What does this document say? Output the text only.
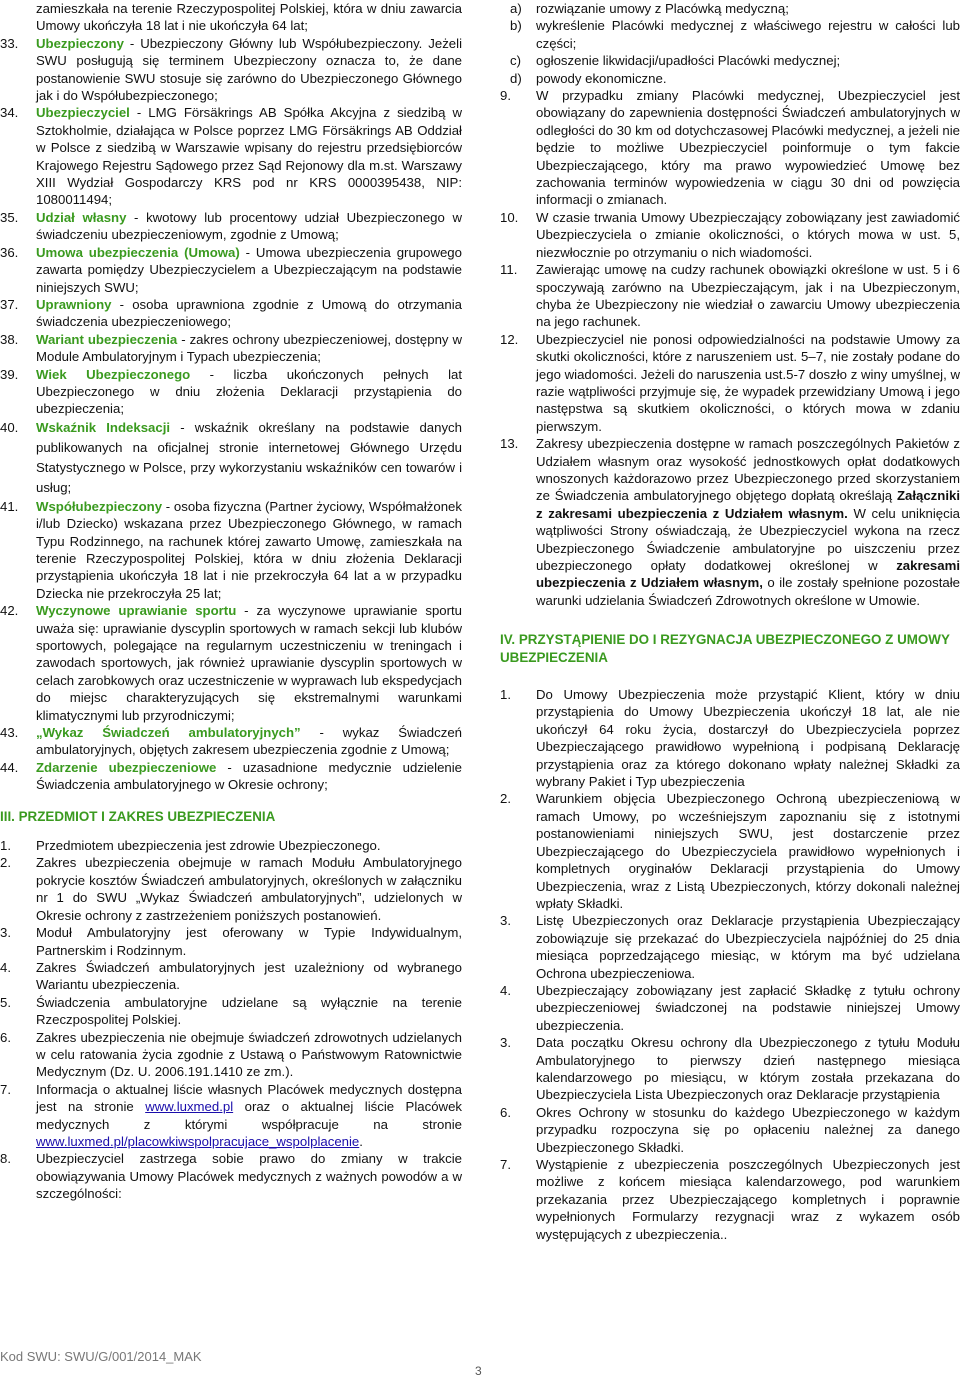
zamieszkała na terenie Rzeczypospolitej Polskiej, która w dniu zawarcia Umowy ukończyła 18 lat i nie ukończyła 64 lat;

33. Ubezpieczony - Ubezpieczony Główny lub Współubezpieczony. Jeżeli SWU posługują się terminem Ubezpieczony oznacza to, że dane postanowienie SWU stosuje się zarówno do Ubezpieczonego Głównego jak i do Współubezpieczonego;
34. Ubezpieczyciel - LMG Försäkrings AB Spółka Akcyjna z siedzibą w Sztokholmie, działająca w Polsce poprzez LMG Försäkrings AB Oddział w Polsce z siedzibą w Warszawie wpisany do rejestru przedsiębiorców Krajowego Rejestru Sądowego przez Sąd Rejonowy dla m.st. Warszawy XIII Wydział Gospodarczy KRS pod nr KRS 0000395438, NIP: 1080011494;
35. Udział własny - kwotowy lub procentowy udział Ubezpieczonego w świadczeniu ubezpieczeniowym, zgodnie z Umową;
36. Umowa ubezpieczenia (Umowa) - Umowa ubezpieczenia grupowego zawarta pomiędzy Ubezpieczycielem a Ubezpieczającym na podstawie niniejszych SWU;
37. Uprawniony - osoba uprawniona zgodnie z Umową do otrzymania świadczenia ubezpieczeniowego;
38. Wariant ubezpieczenia - zakres ochrony ubezpieczeniowej, dostępny w Module Ambulatoryjnym i Typach ubezpieczenia;
39. Wiek Ubezpieczonego - liczba ukończonych pełnych lat Ubezpieczonego w dniu złożenia Deklaracji przystąpienia do ubezpieczenia;
40. Wskaźnik Indeksacji - wskaźnik określany na podstawie danych publikowanych na oficjalnej stronie internetowej Głównego Urzędu Statystycznego w Polsce, przy wykorzystaniu wskaźników cen towarów i usług;
41. Współubezpieczony - osoba fizyczna (Partner życiowy, Współmałżonek i/lub Dziecko) wskazana przez Ubezpieczonego Głównego, w ramach Typu Rodzinnego, na rachunek której zawarto Umowę, zamieszkała na terenie Rzeczypospolitej Polskiej, która w dniu złożenia Deklaracji przystąpienia ukończyła 18 lat i nie przekroczyła 64 lat a w przypadku Dziecka nie przekroczyła 25 lat;
42. Wyczynowe uprawianie sportu - za wyczynowe uprawianie sportu uważa się: uprawianie dyscyplin sportowych w ramach sekcji lub klubów sportowych, polegające na regularnym uczestniczeniu w treningach i zawodach sportowych, jak również uprawianie dyscyplin sportowych w celach zarobkowych oraz uczestniczenie w wyprawach lub ekspedycjach do miejsc charakteryzujących się ekstremalnymi warunkami klimatycznymi lub przyrodniczymi;
43. „Wykaz Świadczeń ambulatoryjnych” - wykaz Świadczeń ambulatoryjnych, objętych zakresem ubezpieczenia zgodnie z Umową;
44. Zdarzenie ubezpieczeniowe - uzasadnione medycznie udzielenie Świadczenia ambulatoryjnego w Okresie ochrony;
III. PRZEDMIOT I ZAKRES UBEZPIECZENIA
1. Przedmiotem ubezpieczenia jest zdrowie Ubezpieczonego.
2. Zakres ubezpieczenia obejmuje w ramach Modułu Ambulatoryjnego pokrycie kosztów Świadczeń ambulatoryjnych, określonych w załączniku nr 1 do SWU „Wykaz Świadczeń ambulatoryjnych”, udzielonych w Okresie ochrony z zastrzeżeniem poniższych postanowień.
3. Moduł Ambulatoryjny jest oferowany w Typie Indywidualnym, Partnerskim i Rodzinnym.
4. Zakres Świadczeń ambulatoryjnych jest uzależniony od wybranego Wariantu ubezpieczenia.
5. Świadczenia ambulatoryjne udzielane są wyłącznie na terenie Rzeczpospolitej Polskiej.
6. Zakres ubezpieczenia nie obejmuje świadczeń zdrowotnych udzielanych w celu ratowania życia zgodnie z Ustawą o Państwowym Ratownictwie Medycznym (Dz. U. 2006.191.1410 ze zm.).
7. Informacja o aktualnej liście własnych Placówek medycznych dostępna jest na stronie www.luxmed.pl oraz o aktualnej liście Placówek medycznych z którymi współpracuje na stronie www.luxmed.pl/placowkiwspolpracujace_wspolplacenie.
8. Ubezpieczyciel zastrzega sobie prawo do zmiany w trakcie obowiązywania Umowy Placówek medycznych z ważnych powodów a w szczególności:
a) rozwiązanie umowy z Placówką medyczną;
b) wykreślenie Placówki medycznej z właściwego rejestru w całości lub części;
c) ogłoszenie likwidacji/upadłości Placówki medycznej;
d) powody ekonomiczne.
9. W przypadku zmiany Placówki medycznej, Ubezpieczyciel jest obowiązany do zapewnienia dostępności Świadczeń ambulatoryjnych w odległości do 30 km od dotychczasowej Placówki medycznej, a jeżeli nie będzie to możliwe Ubezpieczyciel poinformuje o tym fakcie Ubezpieczającego, który ma prawo wypowiedzieć Umowę bez zachowania terminów wypowiedzenia w ciągu 30 dni od powzięcia informacji o zmianach.
10. W czasie trwania Umowy Ubezpieczający zobowiązany jest zawiadomić Ubezpieczyciela o zmianie okoliczności, o których mowa w ust. 5, niezwłocznie po otrzymaniu o nich wiadomości.
11. Zawierając umowę na cudzy rachunek obowiązki określone w ust. 5 i 6 spoczywają zarówno na Ubezpieczającym, jak i na Ubezpieczonym, chyba że Ubezpieczony nie wiedział o zawarciu Umowy ubezpieczenia na jego rachunek.
12. Ubezpieczyciel nie ponosi odpowiedzialności na podstawie Umowy za skutki okoliczności, które z naruszeniem ust. 5–7, nie zostały podane do jego wiadomości. Jeżeli do naruszenia ust.5-7 doszło z winy umyślnej, w razie wątpliwości przyjmuje się, że wypadek przewidziany Umową i jego następstwa są skutkiem okoliczności, o których mowa w zdaniu pierwszym.
13. Zakresy ubezpieczenia dostępne w ramach poszczególnych Pakietów z Udziałem własnym oraz wysokość jednostkowych opłat dodatkowych wnoszonych każdorazowo przez Ubezpieczonego przed skorzystaniem ze Świadczenia ambulatoryjnego objętego dopłatą określają Załączniki z zakresami ubezpieczenia z Udziałem własnym. W celu uniknięcia wątpliwości Strony oświadczają, że Ubezpieczyciel wykona na rzecz Ubezpieczonego Świadczenie ambulatoryjne po uiszczeniu przez ubezpieczonego opłaty dodatkowej określonej w zakresami ubezpieczenia z Udziałem własnym, o ile zostały spełnione pozostałe warunki udzielania Świadczeń Zdrowotnych określone w Umowie.
IV. PRZYSTĄPIENIE DO I REZYGNACJA UBEZPIECZONEGO Z UMOWY UBEZPIECZENIA
1. Do Umowy Ubezpieczenia może przystąpić Klient, który w dniu przystąpienia do Umowy Ubezpieczenia ukończył 18 lat, ale nie ukończył 64 roku życia, dostarczył do Ubezpieczyciela poprzez Ubezpieczającego prawidłowo wypełnioną i podpisaną Deklarację przystąpienia oraz za którego dokonano wpłaty należnej Składki za wybrany Pakiet i Typ ubezpieczenia
2. Warunkiem objęcia Ubezpieczonego Ochroną ubezpieczeniową w ramach Umowy, po wcześniejszym zapoznaniu się z istotnymi postanowieniami niniejszych SWU, jest dostarczenie przez Ubezpieczającego do Ubezpieczyciela prawidłowo wypełnionych i kompletnych oryginałów Deklaracji przystąpienia do Umowy Ubezpieczenia, wraz z Listą Ubezpieczonych, którzy dokonali należnej wpłaty Składki.
3. Listę Ubezpieczonych oraz Deklaracje przystąpienia Ubezpieczający zobowiązuje się przekazać do Ubezpieczyciela najpóźniej do 25 dnia miesiąca poprzedzającego miesiąc, w którym ma być udzielana Ochrona ubezpieczeniowa.
4. Ubezpieczający zobowiązany jest zapłacić Składkę z tytułu ochrony ubezpieczeniowej świadczonej na podstawie niniejszej Umowy ubezpieczenia.
3. Data początku Okresu ochrony dla Ubezpieczonego z tytułu Modułu Ambulatoryjnego to pierwszy dzień następnego miesiąca kalendarzowego po miesiącu, w którym została przekazana do Ubezpieczyciela Lista Ubezpieczonych oraz Deklaracje przystąpienia
6. Okres Ochrony w stosunku do każdego Ubezpieczonego w każdym przypadku rozpoczyna się po opłaceniu należnej za danego Ubezpieczonego Składki.
7. Wystąpienie z ubezpieczenia poszczególnych Ubezpieczonych jest możliwe z końcem miesiąca kalendarzowego, pod warunkiem przekazania przez Ubezpieczającego kompletnych i poprawnie wypełnionych Formularzy rezygnacji wraz z wykazem osób występujących z ubezpieczenia..
Kod SWU: SWU/G/001/2014_MAK
3
